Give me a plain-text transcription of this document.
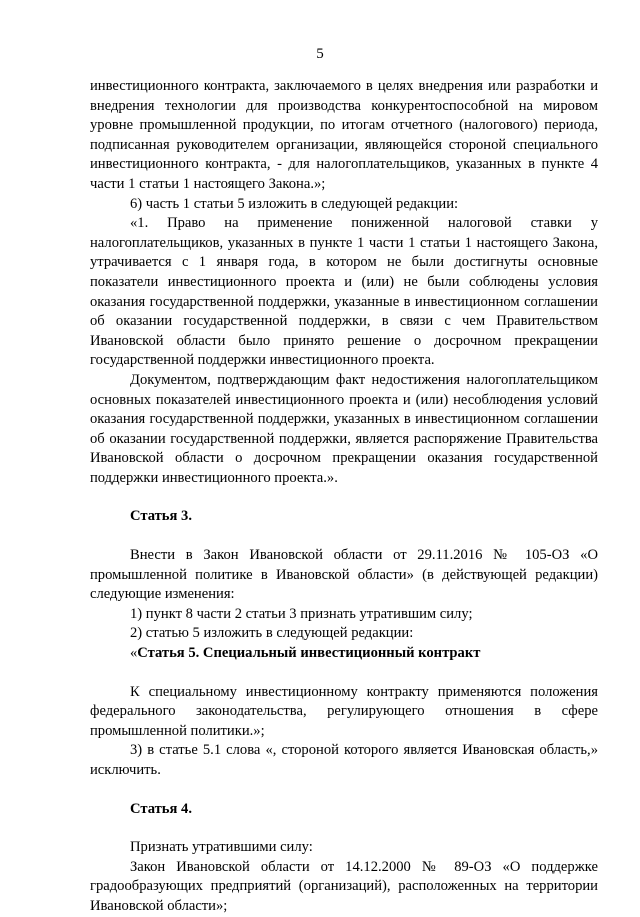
5

инвестиционного контракта, заключаемого в целях внедрения или разработки и внедрения технологии для производства конкурентоспособной на мировом уровне промышленной продукции, по итогам отчетного (налогового) периода, подписанная руководителем организации, являющейся стороной специального инвестиционного контракта, - для налогоплательщиков, указанных в пункте 4 части 1 статьи 1 настоящего Закона.»;

6) часть 1 статьи 5 изложить в следующей редакции:

«1. Право на применение пониженной налоговой ставки у налогоплательщиков, указанных в пункте 1 части 1 статьи 1 настоящего Закона, утрачивается с 1 января года, в котором не были достигнуты основные показатели инвестиционного проекта и (или) не были соблюдены условия оказания государственной поддержки, указанные в инвестиционном соглашении об оказании государственной поддержки, в связи с чем Правительством Ивановской области было принято решение о досрочном прекращении государственной поддержки инвестиционного проекта.

Документом, подтверждающим факт недостижения налогоплательщиком основных показателей инвестиционного проекта и (или) несоблюдения условий оказания государственной поддержки, указанных в инвестиционном соглашении об оказании государственной поддержки, является распоряжение Правительства Ивановской области о досрочном прекращении оказания государственной поддержки инвестиционного проекта.».

Статья 3.

Внести в Закон Ивановской области от 29.11.2016 № 105-ОЗ «О промышленной политике в Ивановской области» (в действующей редакции) следующие изменения:

1) пункт 8 части 2 статьи 3 признать утратившим силу;

2) статью 5 изложить в следующей редакции:

«Статья 5. Специальный инвестиционный контракт

К специальному инвестиционному контракту применяются положения федерального законодательства, регулирующего отношения в сфере промышленной политики.»;

3) в статье 5.1 слова «, стороной которого является Ивановская область,» исключить.

Статья 4.

Признать утратившими силу:

Закон Ивановской области от 14.12.2000 № 89-ОЗ «О поддержке градообразующих предприятий (организаций), расположенных на территории Ивановской области»;
